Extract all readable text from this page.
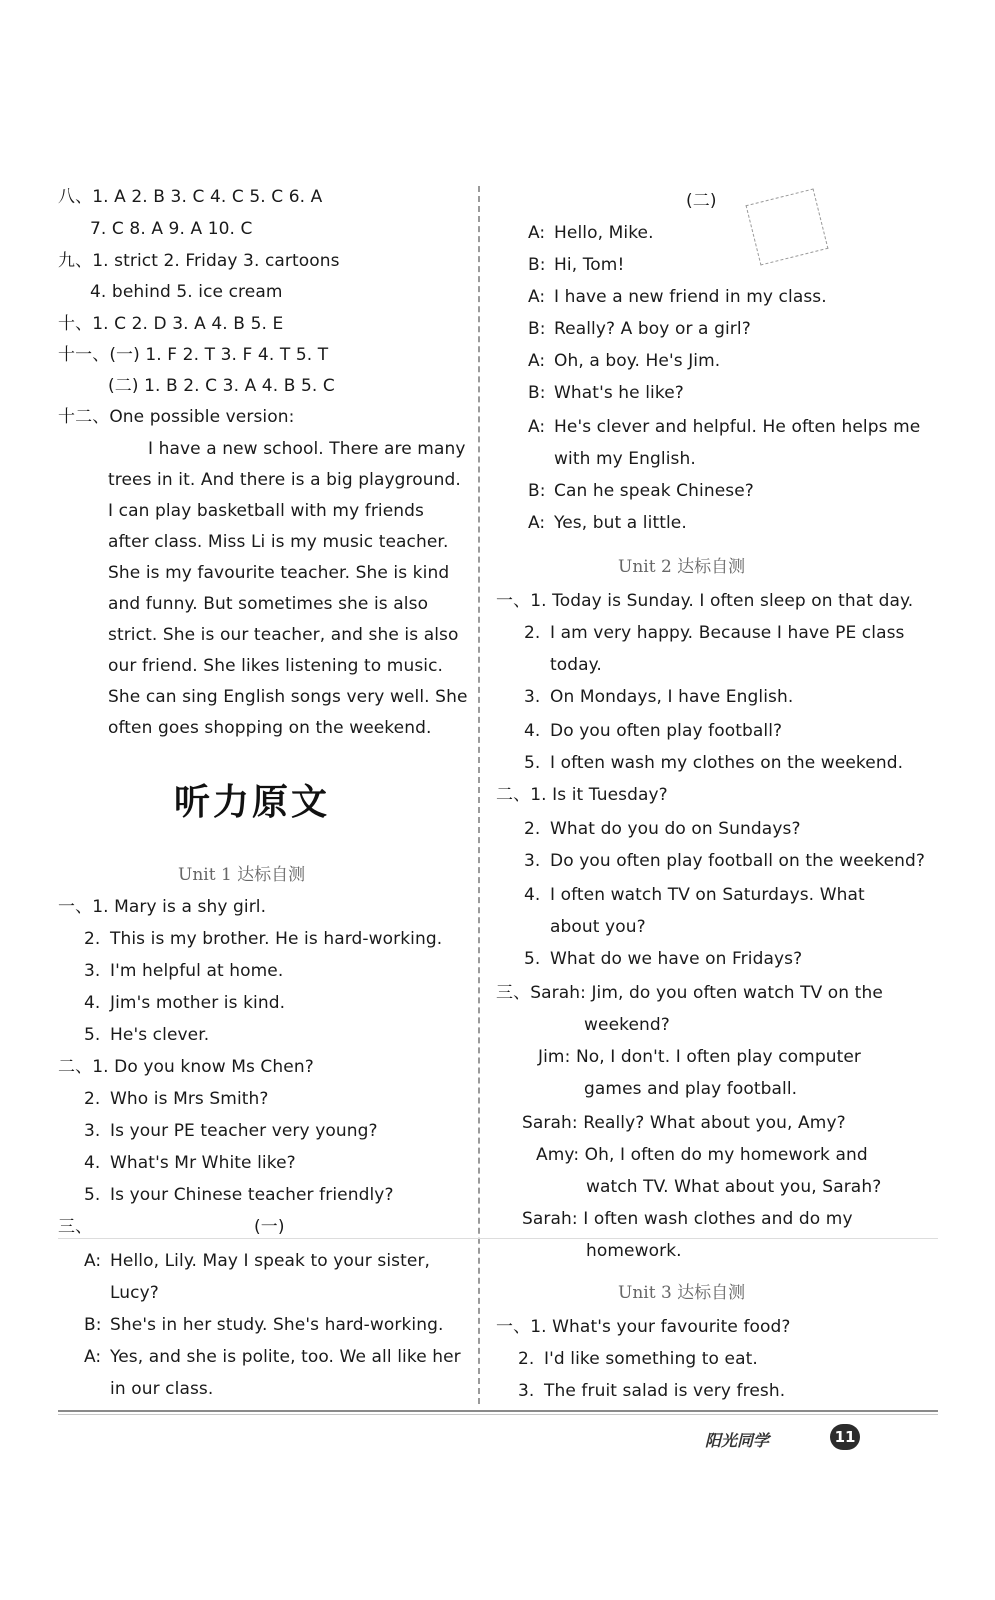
八、1. A 2. B 3. C 4. C 5. C 6. A
7. C 8. A 9. A 10. C
九、1. strict 2. Friday 3. cartoons
4. behind 5. ice cream
十、1. C 2. D 3. A 4. B 5. E
十一、(一) 1. F 2. T 3. F 4. T 5. T
(二) 1. B 2. C 3. A 4. B 5. C
十二、One possible version:
I have a new school. There are many
trees in it. And there is a big playground.
I can play basketball with my friends
after class. Miss Li is my music teacher.
She is my favourite teacher. She is kind
and funny. But sometimes she is also
strict. She is our teacher, and she is also
our friend. She likes listening to music.
She can sing English songs very well. She
often goes shopping on the weekend.
听力原文
Unit 1 达标自测
一、1. Mary is a shy girl.
2. This is my brother. He is hard-working.
3. I'm helpful at home.
4. Jim's mother is kind.
5. He's clever.
二、1. Do you know Ms Chen?
2. Who is Mrs Smith?
3. Is your PE teacher very young?
4. What's Mr White like?
5. Is your Chinese teacher friendly?
三、	(一)
A: Hello, Lily. May I speak to your sister,
Lucy?
B: She's in her study. She's hard-working.
A: Yes, and she is polite, too. We all like her
in our class.
(二)
A: Hello, Mike.
B: Hi, Tom!
A: I have a new friend in my class.
B: Really? A boy or a girl?
A: Oh, a boy. He's Jim.
B: What's he like?
A: He's clever and helpful. He often helps me
with my English.
B: Can he speak Chinese?
A: Yes, but a little.
Unit 2 达标自测
一、1. Today is Sunday. I often sleep on that day.
2. I am very happy. Because I have PE class
today.
3. On Mondays, I have English.
4. Do you often play football?
5. I often wash my clothes on the weekend.
二、1. Is it Tuesday?
2. What do you do on Sundays?
3. Do you often play football on the weekend?
4. I often watch TV on Saturdays. What
about you?
5. What do we have on Fridays?
三、Sarah: Jim, do you often watch TV on the
weekend?
Jim: No, I don't. I often play computer
games and play football.
Sarah: Really? What about you, Amy?
Amy: Oh, I often do my homework and
watch TV. What about you, Sarah?
Sarah: I often wash clothes and do my
homework.
Unit 3 达标自测
一、1. What's your favourite food?
2. I'd like something to eat.
3. The fruit salad is very fresh.
阳光同学	11
